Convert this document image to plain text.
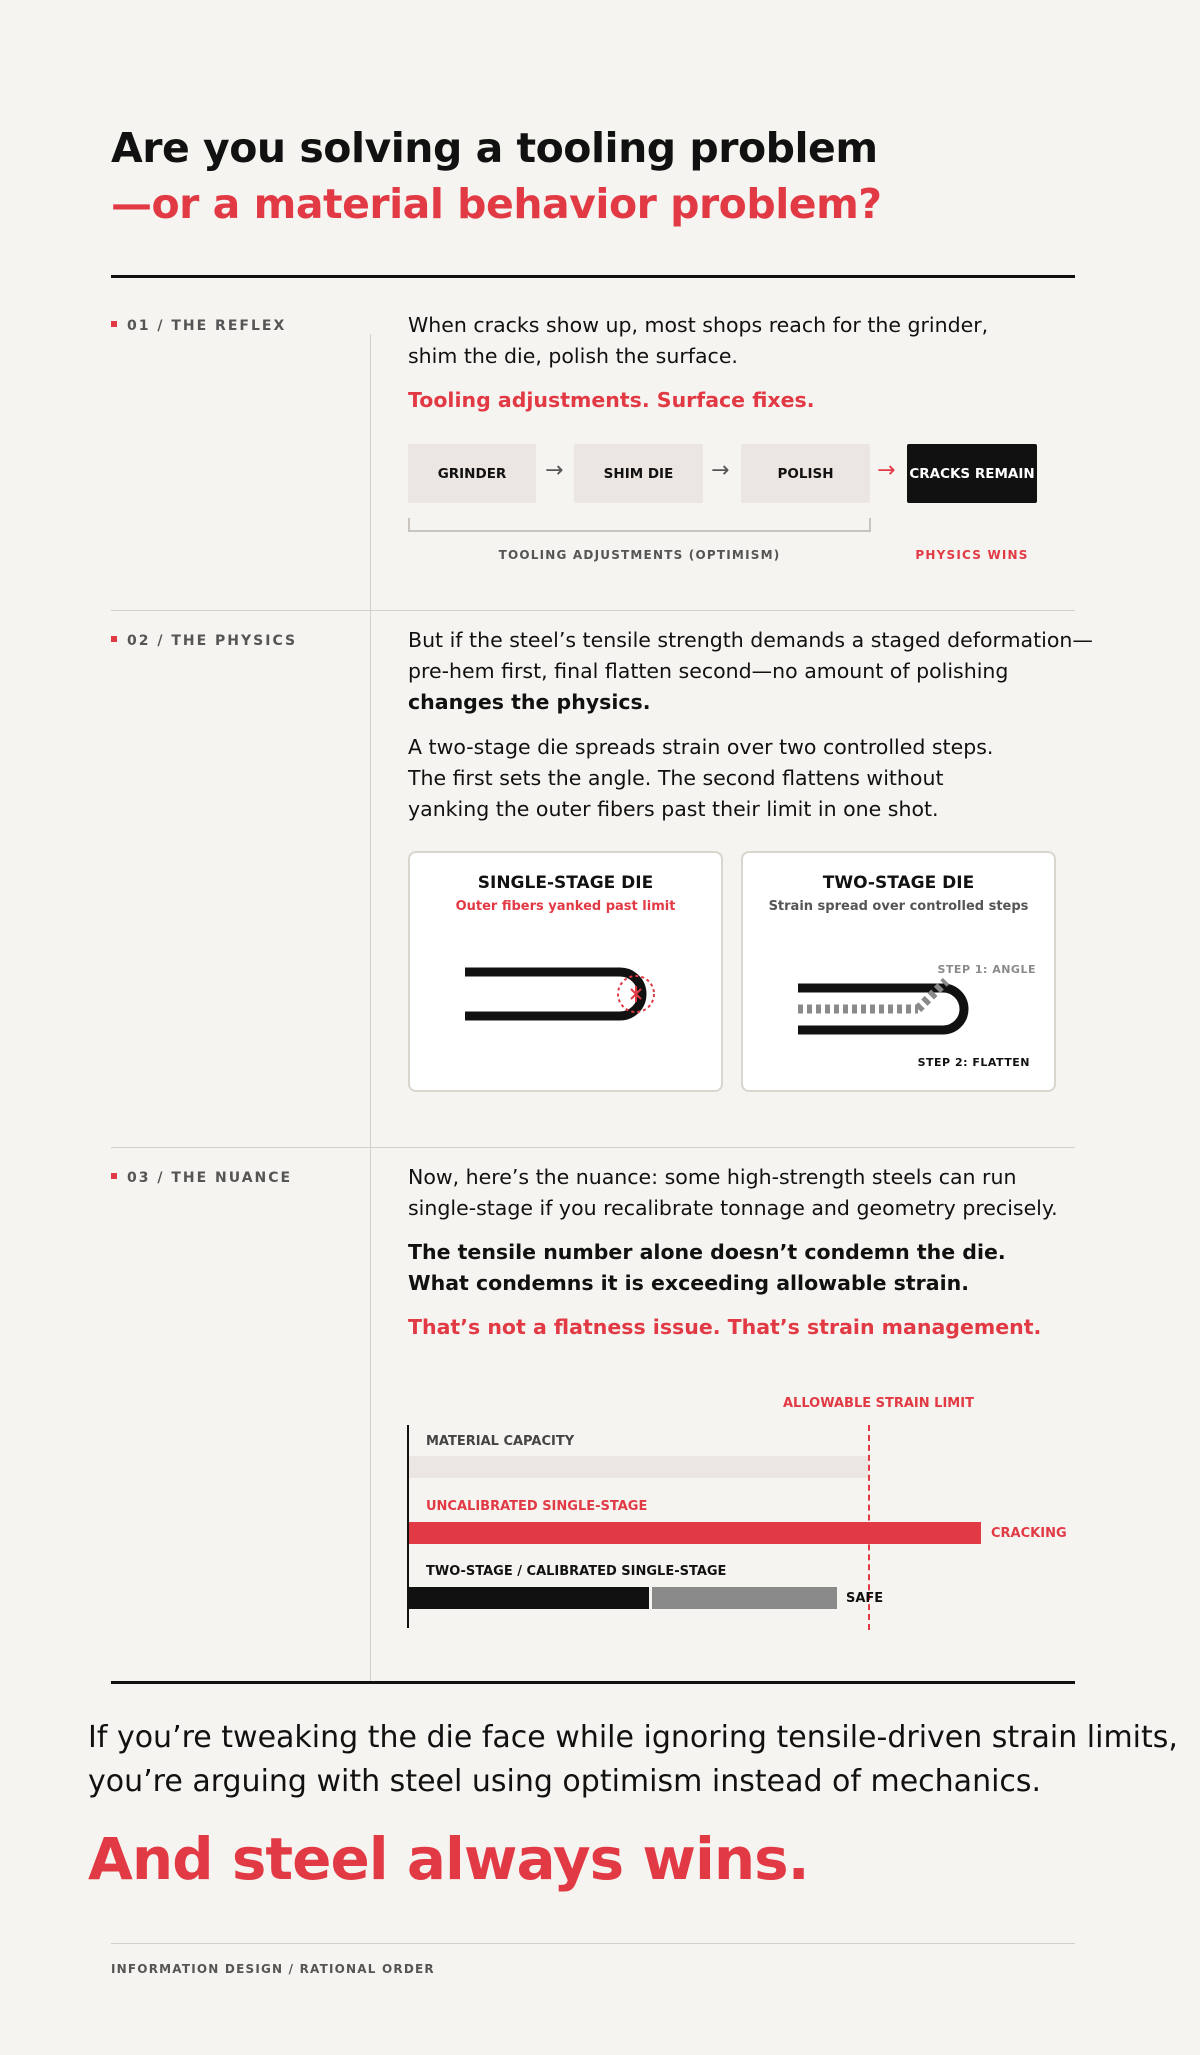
Are you solving a tooling problem
—or a material behavior problem?
01 / THE REFLEX	When cracks show up, most shops reach for the grinder,
shim the die, polish the surface.
Tooling adjustments. Surface fixes.
GRINDER	→	SHIM DIE	→	POLISH	→ CRACKS REMAIN
TOOLING ADJUSTMENTS (OPTIMISM)	PHYSICS WINS
02 / THE PHYSICS	But if the steel’s tensile strength demands a staged deformation—
pre-hem first, final flatten second—no amount of polishing
changes the physics.
A two-stage die spreads strain over two controlled steps.
The first sets the angle. The second flattens without
yanking the outer fibers past their limit in one shot.
SINGLE-STAGE DIE
Outer fibers yanked past limit
TWO-STAGE DIE
Strain spread over controlled steps
STEP 1: ANGLE
STEP 2: FLATTEN
03 / THE NUANCE	Now, here’s the nuance: some high-strength steels can run
single-stage if you recalibrate tonnage and geometry precisely.
The tensile number alone doesn’t condemn the die.
What condemns it is exceeding allowable strain.
That’s not a flatness issue. That’s strain management.
ALLOWABLE STRAIN LIMIT
MATERIAL CAPACITY
UNCALIBRATED SINGLE-STAGE
CRACKING
TWO-STAGE / CALIBRATED SINGLE-STAGE
SAFE
If you’re tweaking the die face while ignoring tensile-driven strain limits,
you’re arguing with steel using optimism instead of mechanics.
And steel always wins.
INFORMATION DESIGN / RATIONAL ORDER
